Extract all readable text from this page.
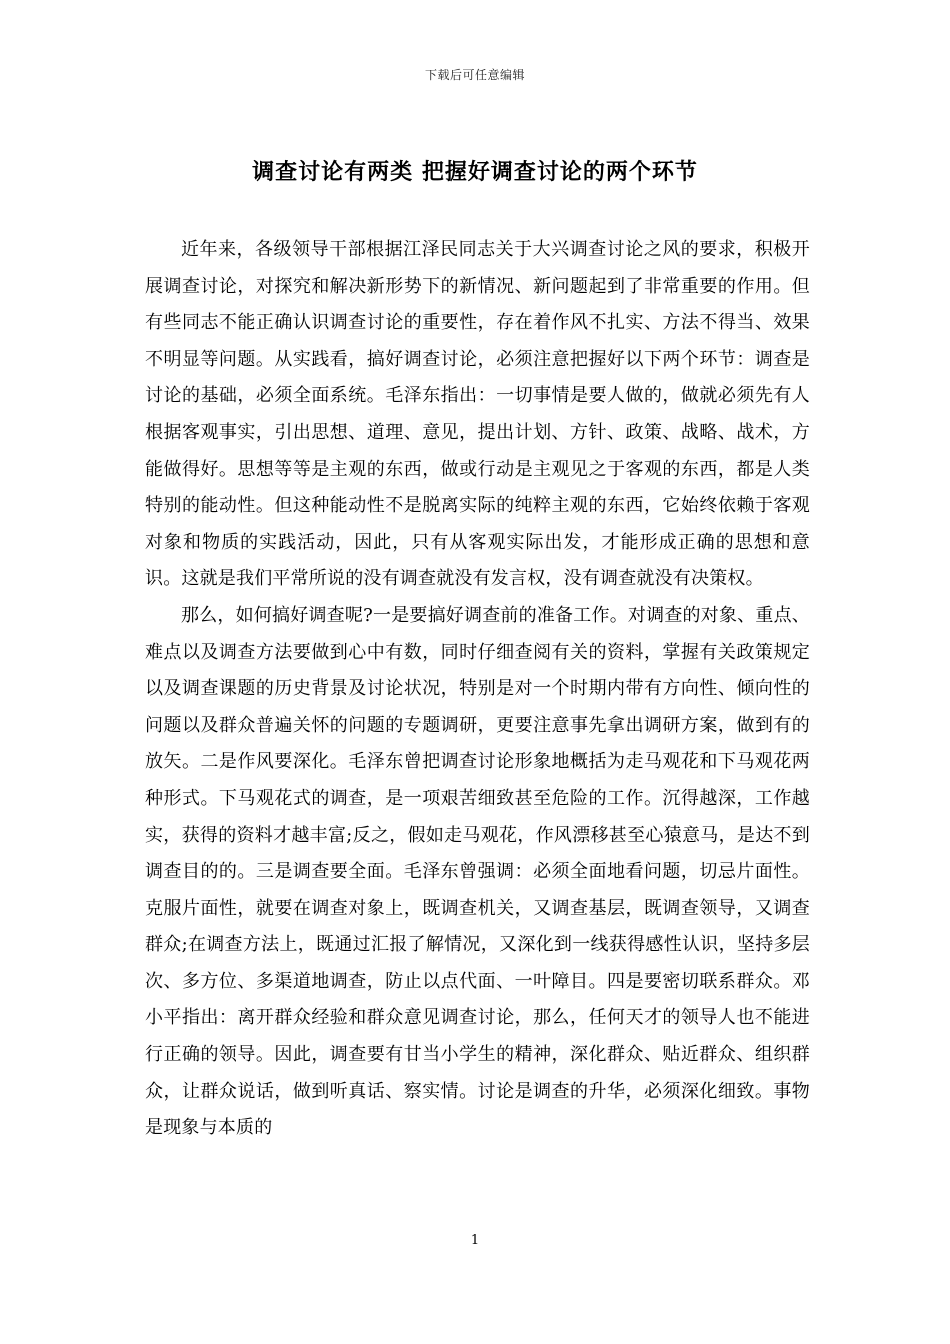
下载后可任意编辑
调查讨论有两类 把握好调查讨论的两个环节

近年来，各级领导干部根据江泽民同志关于大兴调查讨论之风的要求，积极开展调查讨论，对探究和解决新形势下的新情况、新问题起到了非常重要的作用。但有些同志不能正确认识调查讨论的重要性，存在着作风不扎实、方法不得当、效果不明显等问题。从实践看，搞好调查讨论，必须注意把握好以下两个环节：调查是讨论的基础，必须全面系统。毛泽东指出：一切事情是要人做的，做就必须先有人根据客观事实，引出思想、道理、意见，提出计划、方针、政策、战略、战术，方能做得好。思想等等是主观的东西，做或行动是主观见之于客观的东西，都是人类特别的能动性。但这种能动性不是脱离实际的纯粹主观的东西，它始终依赖于客观对象和物质的实践活动，因此，只有从客观实际出发，才能形成正确的思想和意识。这就是我们平常所说的没有调查就没有发言权，没有调查就没有决策权。

那么，如何搞好调查呢?一是要搞好调查前的准备工作。对调查的对象、重点、难点以及调查方法要做到心中有数，同时仔细查阅有关的资料，掌握有关政策规定以及调查课题的历史背景及讨论状况，特别是对一个时期内带有方向性、倾向性的问题以及群众普遍关怀的问题的专题调研，更要注意事先拿出调研方案，做到有的放矢。二是作风要深化。毛泽东曾把调查讨论形象地概括为走马观花和下马观花两种形式。下马观花式的调查，是一项艰苦细致甚至危险的工作。沉得越深，工作越实，获得的资料才越丰富;反之，假如走马观花，作风漂移甚至心猿意马，是达不到调查目的的。三是调查要全面。毛泽东曾强调：必须全面地看问题，切忌片面性。克服片面性，就要在调查对象上，既调查机关，又调查基层，既调查领导，又调查群众;在调查方法上，既通过汇报了解情况，又深化到一线获得感性认识，坚持多层次、多方位、多渠道地调查，防止以点代面、一叶障目。四是要密切联系群众。邓小平指出：离开群众经验和群众意见调查讨论，那么，任何天才的领导人也不能进行正确的领导。因此，调查要有甘当小学生的精神，深化群众、贴近群众、组织群众，让群众说话，做到听真话、察实情。讨论是调查的升华，必须深化细致。事物是现象与本质的

1
